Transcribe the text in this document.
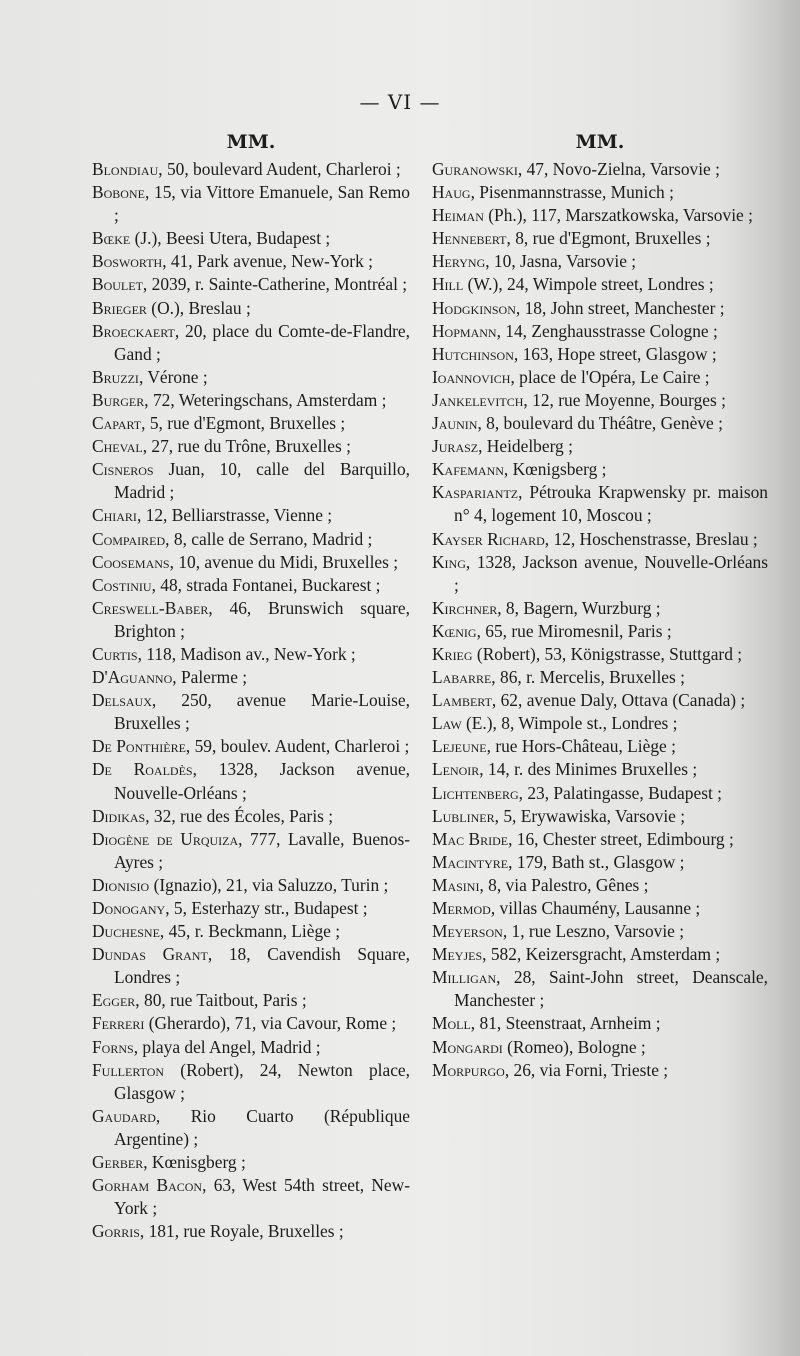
— VI —
MM.

Blondiau, 50, boulevard Audent, Charleroi ;

Bobone, 15, via Vittore Emanuele, San Remo ;

Bœke (J.), Beesi Utera, Budapest ;

Bosworth, 41, Park avenue, New-York ;

Boulet, 2039, r. Sainte-Catherine, Montréal ;

Brieger (O.), Breslau ;

Broeckaert, 20, place du Comte-de-Flandre, Gand ;

Bruzzi, Vérone ;

Burger, 72, Weteringschans, Amsterdam ;

Capart, 5, rue d'Egmont, Bruxelles ;

Cheval, 27, rue du Trône, Bruxelles ;

Cisneros Juan, 10, calle del Barquillo, Madrid ;

Chiari, 12, Belliarstrasse, Vienne ;

Compaired, 8, calle de Serrano, Madrid ;

Coosemans, 10, avenue du Midi, Bruxelles ;

Costiniu, 48, strada Fontanei, Buckarest ;

Creswell-Baber, 46, Brunswich square, Brighton ;

Curtis, 118, Madison av., New-York ;

D'Aguanno, Palerme ;

Delsaux, 250, avenue Marie-Louise, Bruxelles ;

De Ponthière, 59, boulev. Audent, Charleroi ;

De Roaldès, 1328, Jackson avenue, Nouvelle-Orléans ;

Didikas, 32, rue des Écoles, Paris ;

Diogène de Urquiza, 777, Lavalle, Buenos-Ayres ;

Dionisio (Ignazio), 21, via Saluzzo, Turin ;

Donogany, 5, Esterhazy str., Budapest ;

Duchesne, 45, r. Beckmann, Liège ;

Dundas Grant, 18, Cavendish Square, Londres ;

Egger, 80, rue Taitbout, Paris ;

Ferreri (Gherardo), 71, via Cavour, Rome ;

Forns, playa del Angel, Madrid ;

Fullerton (Robert), 24, Newton place, Glasgow ;

Gaudard, Rio Cuarto (République Argentine) ;

Gerber, Kœnisgberg ;

Gorham Bacon, 63, West 54th street, New-York ;

Gorris, 181, rue Royale, Bruxelles ;

MM.

Guranowski, 47, Novo-Zielna, Varsovie ;

Haug, Pisenmannstrasse, Munich ;

Heiman (Ph.), 117, Marszatkowska, Varsovie ;

Hennebert, 8, rue d'Egmont, Bruxelles ;

Heryng, 10, Jasna, Varsovie ;

Hill (W.), 24, Wimpole street, Londres ;

Hodgkinson, 18, John street, Manchester ;

Hopmann, 14, Zenghausstrasse Cologne ;

Hutchinson, 163, Hope street, Glasgow ;

Ioannovich, place de l'Opéra, Le Caire ;

Jankelevitch, 12, rue Moyenne, Bourges ;

Jaunin, 8, boulevard du Théâtre, Genève ;

Jurasz, Heidelberg ;

Kafemann, Kœnigsberg ;

Kaspariantz, Pétrouka Krapwensky pr. maison n° 4, logement 10, Moscou ;

Kayser Richard, 12, Hoschenstrasse, Breslau ;

King, 1328, Jackson avenue, Nouvelle-Orléans ;

Kirchner, 8, Bagern, Wurzburg ;

Kœnig, 65, rue Miromesnil, Paris ;

Krieg (Robert), 53, Königstrasse, Stuttgard ;

Labarre, 86, r. Mercelis, Bruxelles ;

Lambert, 62, avenue Daly, Ottava (Canada) ;

Law (E.), 8, Wimpole st., Londres ;

Lejeune, rue Hors-Château, Liège ;

Lenoir, 14, r. des Minimes Bruxelles ;

Lichtenberg, 23, Palatingasse, Budapest ;

Lubliner, 5, Erywawiska, Varsovie ;

Mac Bride, 16, Chester street, Edimbourg ;

Macintyre, 179, Bath st., Glasgow ;

Masini, 8, via Palestro, Gênes ;

Mermod, villas Chaumény, Lausanne ;

Meyerson, 1, rue Leszno, Varsovie ;

Meyjes, 582, Keizersgracht, Amsterdam ;

Milligan, 28, Saint-John street, Deanscale, Manchester ;

Moll, 81, Steenstraat, Arnheim ;

Mongardi (Romeo), Bologne ;

Morpurgo, 26, via Forni, Trieste ;
